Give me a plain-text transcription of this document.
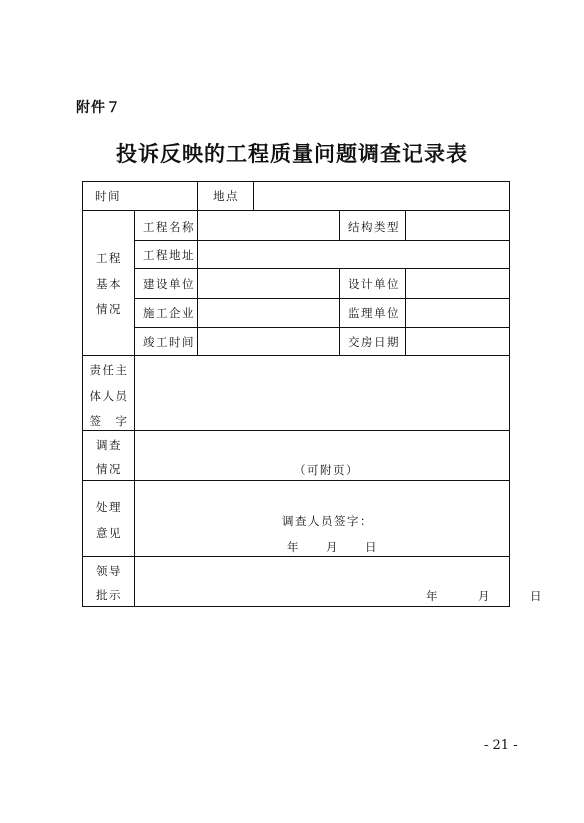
附件７
投诉反映的工程质量问题调查记录表
时间	地点
工程
基本
情况
工程名称	结构类型
工程地址
建设单位	设计单位
施工企业	监理单位
竣工时间	交房日期
责任主
体人员
签　字
调查
情况	（可附页）
处理
意见
调查人员签字：
年　　月　　日
领导
批示	年　　　月　　　日
- 21 -
